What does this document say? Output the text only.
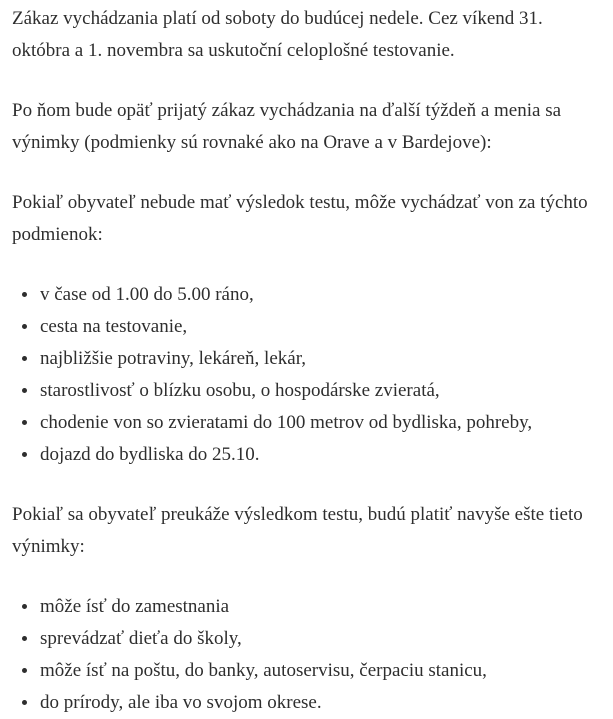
Zákaz vychádzania platí od soboty do budúcej nedele. Cez víkend 31. októbra a 1. novembra sa uskutoční celoplošné testovanie.

Po ňom bude opäť prijatý zákaz vychádzania na ďalší týždeň a menia sa výnimky (podmienky sú rovnaké ako na Orave a v Bardejove):

Pokiaľ obyvateľ nebude mať výsledok testu, môže vychádzať von za týchto podmienok:

v čase od 1.00 do 5.00 ráno,
cesta na testovanie,
najbližšie potraviny, lekáreň, lekár,
starostlivosť o blízku osobu, o hospodárske zvieratá,
chodenie von so zvieratami do 100 metrov od bydliska, pohreby,
dojazd do bydliska do 25.10.

Pokiaľ sa obyvateľ preukáže výsledkom testu, budú platiť navyše ešte tieto výnimky:

môže ísť do zamestnania
sprevádzať dieťa do školy,
môže ísť na poštu, do banky, autoservisu, čerpaciu stanicu,
do prírody, ale iba vo svojom okrese.
